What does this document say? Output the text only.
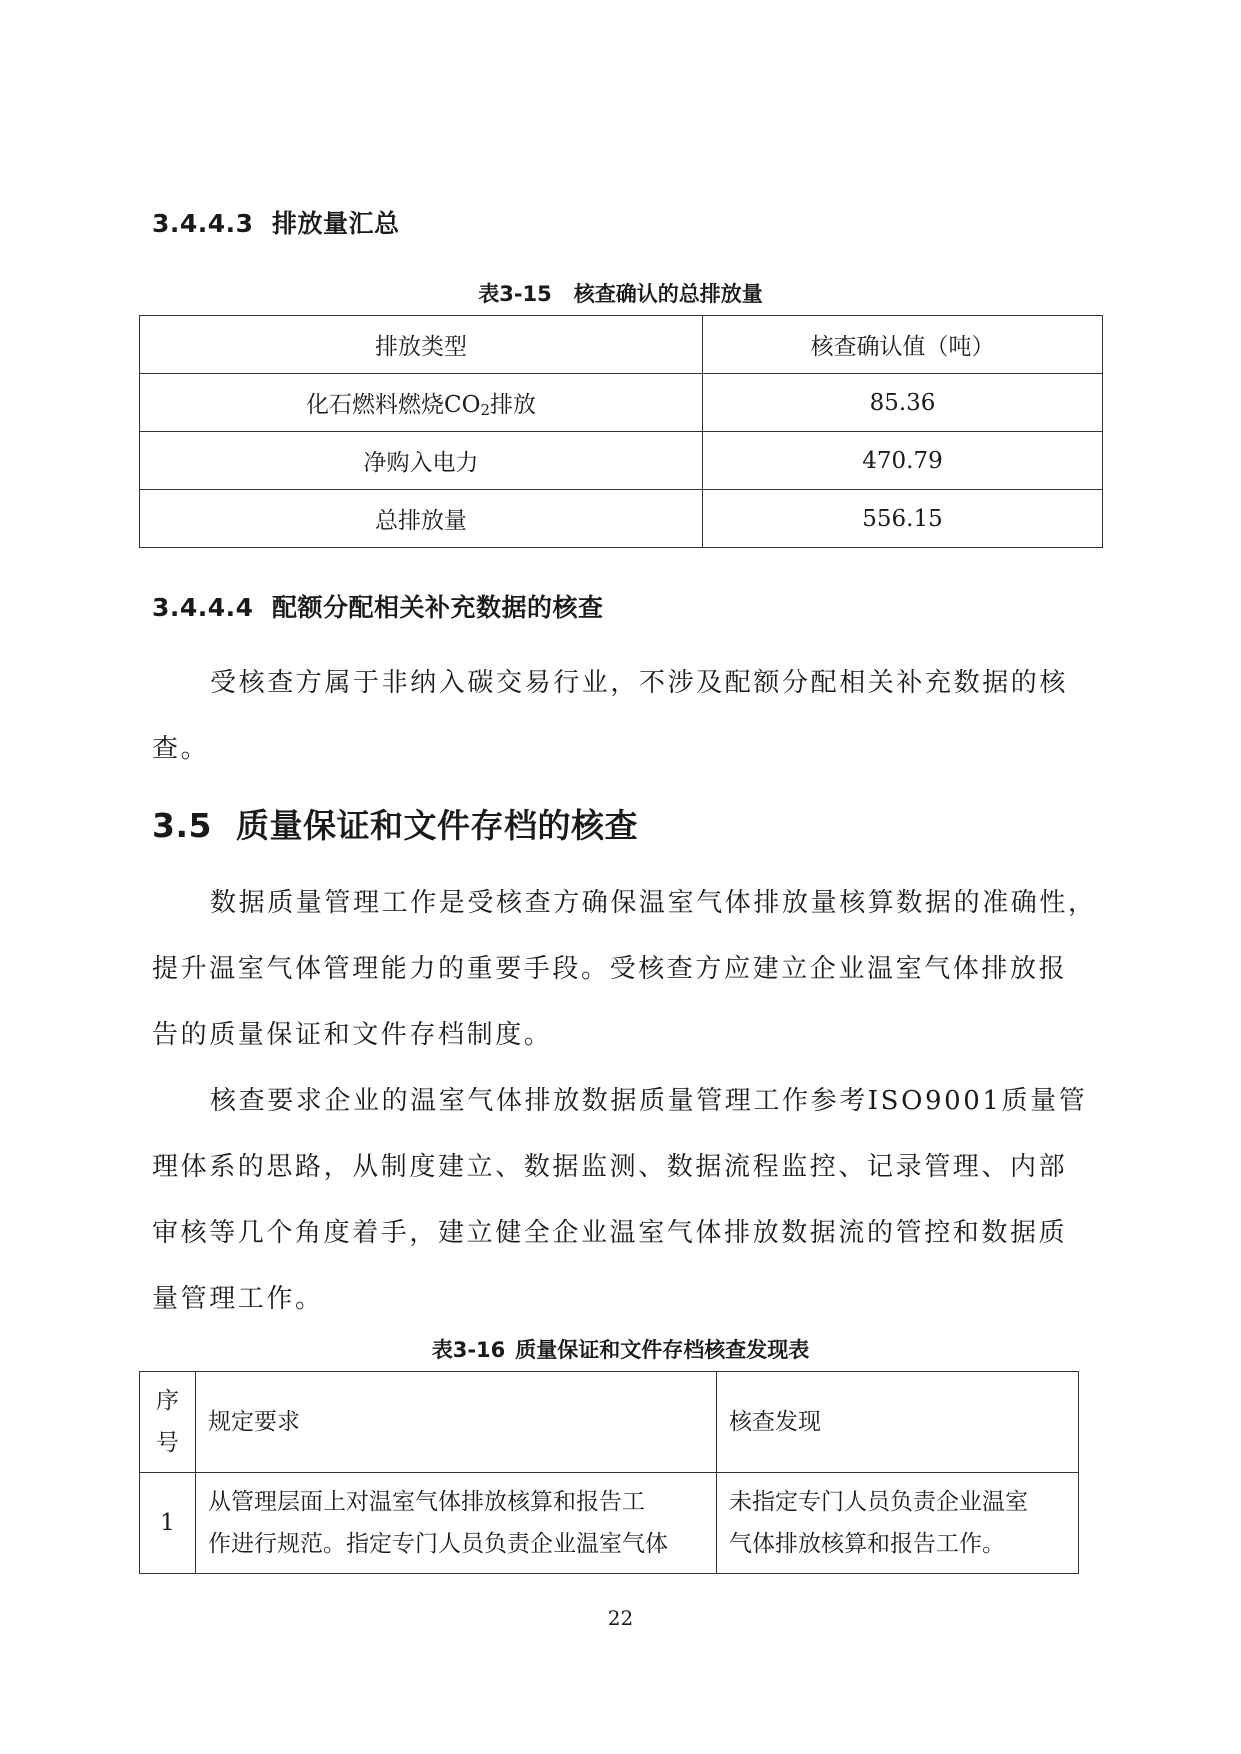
3.4.4.3 排放量汇总
表3-15 核查确认的总排放量
排放类型	核查确认值（吨）
化石燃料燃烧$CO_2$排放	85.36
净购入电力	470.79
总排放量	556.15
3.4.4.4 配额分配相关补充数据的核查
受核查方属于非纳入碳交易行业，不涉及配额分配相关补充数据的核
查。
3.5 质量保证和文件存档的核查
数据质量管理工作是受核查方确保温室气体排放量核算数据的准确性，
提升温室气体管理能力的重要手段。受核查方应建立企业温室气体排放报
告的质量保证和文件存档制度。
核查要求企业的温室气体排放数据质量管理工作参考ISO9001质量管
理体系的思路，从制度建立、数据监测、数据流程监控、记录管理、内部
审核等几个角度着手，建立健全企业温室气体排放数据流的管控和数据质
量管理工作。
表3-16 质量保证和文件存档核查发现表
序
号	规定要求	核查发现
1	从管理层面上对温室气体排放核算和报告工
作进行规范。指定专门人员负责企业温室气体	未指定专门人员负责企业温室
气体排放核算和报告工作。
22
